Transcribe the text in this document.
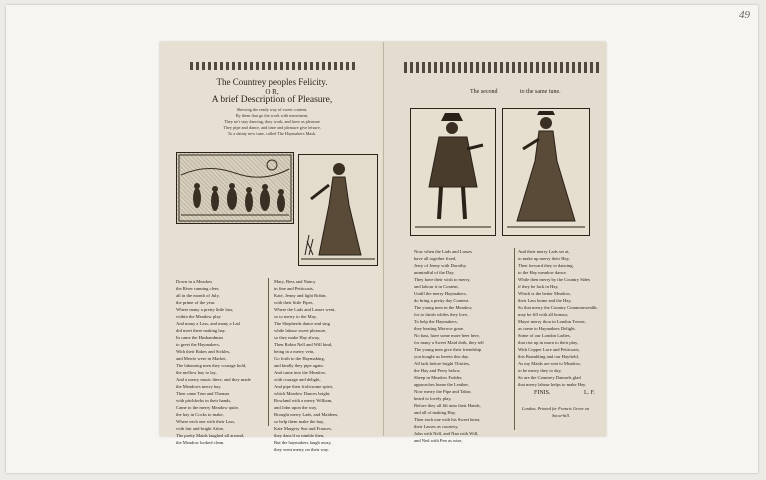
49
The Countrey peoples Felicity.
O R,
A brief Description of Pleasure,
Shewing the ready way of sweet content,
By them that go the work with merriment,
They ne'r stay dancing, they work, and have as pleasure
They pipe and dance, and time and pleasure give leisure,
To a dainty new tune, called The Haymakers Mask.
Down in a Meadow
the River running cleer,
all in the month of July,
the prime of the year.
Where many a pretty little lass,
within the Meadow play
And many a Lass, and many a Lad
did meet there making hay.
In came the Husbandman
to greet the Haymakers,
With their Rakes and Sickles,
and Merrie were in Market,
The labouring men they courage hold,
the mellow hay to lay,
And a merry music there, and they made
the Meadows merry hay.
Then came Tom and Thomas
with pitchforks in their hands,
Came to the merry Meadow quite,
the hay in Cocks to make,
Where each one with their Lass,
with fair and bright Attire,
The pretty Maids laughed all around,
the Meadow looked clean.
Mary, Bess and Nancy
in fine and Petticoats,
Kate, Jenny and light Robin,
with their little Pipes,
Where the Lads and Lasses went,
so to merry to the May,
The Shepherds dance and sing
while labour sweet pleasure,
so they make Hay alway,
Then Robin Nell and Will kind,
being in a merry vein,
Go forth to the Haymaking,
and kindly they pipe again.
And came into the Meadow,
with courage and delight,
And pipe their frolicsome spirit,
which Meadow Dances bright.
Rowland with a merry William,
and John upon the way,
Brought merry Lads, and Maidens,
so help them make the hay,
Kate Margery Sue and Frances,
they danc'd so nimble then,
But the haymakers laugh away,
they went merry on their way.
The second	to the same tune.
Now when the Lads and Lasses
have all together fixed,
Jerry of Jenny with Dorothy,
unmindful of the Day.
They have their wish to merry,
and labour it in Content,
Untill the merry Haymakers,
do bring a pretty day Content.
The young men in the Meadow,
for to finish whiles they love,
To help the Haymakers,
they beating Morrow gone.
No hast, have some more beer here,
for many a Sweet Maid doth, they tell
The young men give their friendship
you bought us herein this day.
All lads before bright Thirties,
the Hay and Perry below,
Sheep in Meadow Fodder,
approaches home the Leather,
Now merry the Pipe and Tabor,
heard to lovely play,
Before they all lift unto their Hands,
and all of making Hay,
Then each one with his Sweet heart,
their Lasses as courtesy,
John with Nell, and Nan with Will,
and Ned with Pen as wise,
And their merry Lads set at,
to make up merry their Hay,
Then forward they to dancing,
to the Hay meadow dance.
While then merry by the Country Sides
if they be lack in Hay,
Which is the better Meadow,
their Lass home and the Hay,
So that merry the Country Commonwealth,
may be fill with all honour,
Mayst merry thou in London Towne,
as come to Haymakers Delight.
Some of our London Ladies,
that rise up in morn to their play,
With Copper Lace and Petticoats,
this Brambling and our Hayfield,
As my Maids are sent to Meadow,
to be merry they to day,
So are the Countrey Damsels glad
that merry labour helps to make Hay.
FINIS.	L. F.
London, Printed for Francis Grove on
Snow-hill.
